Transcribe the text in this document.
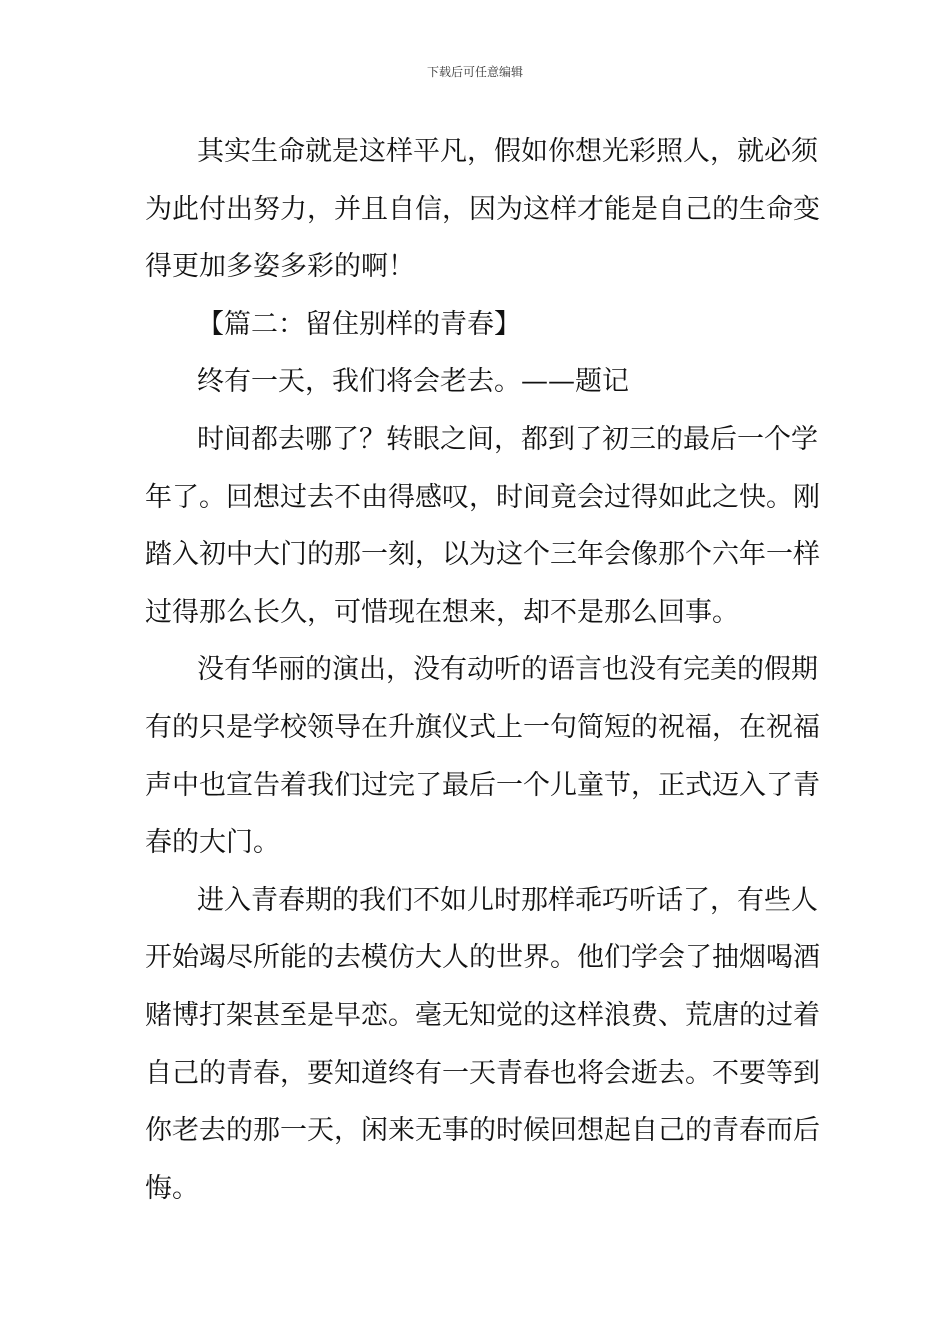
下载后可任意编辑
其实生命就是这样平凡，假如你想光彩照人，就必须
为此付出努力，并且自信，因为这样才能是自己的生命变
得更加多姿多彩的啊！
【篇二：留住别样的青春】
终有一天，我们将会老去。——题记
时间都去哪了？转眼之间，都到了初三的最后一个学
年了。回想过去不由得感叹，时间竟会过得如此之快。刚
踏入初中大门的那一刻，以为这个三年会像那个六年一样
过得那么长久，可惜现在想来，却不是那么回事。
没有华丽的演出，没有动听的语言也没有完美的假期
有的只是学校领导在升旗仪式上一句简短的祝福，在祝福
声中也宣告着我们过完了最后一个儿童节，正式迈入了青
春的大门。
进入青春期的我们不如儿时那样乖巧听话了，有些人
开始竭尽所能的去模仿大人的世界。他们学会了抽烟喝酒
赌博打架甚至是早恋。毫无知觉的这样浪费、荒唐的过着
自己的青春，要知道终有一天青春也将会逝去。不要等到
你老去的那一天，闲来无事的时候回想起自己的青春而后
悔。
